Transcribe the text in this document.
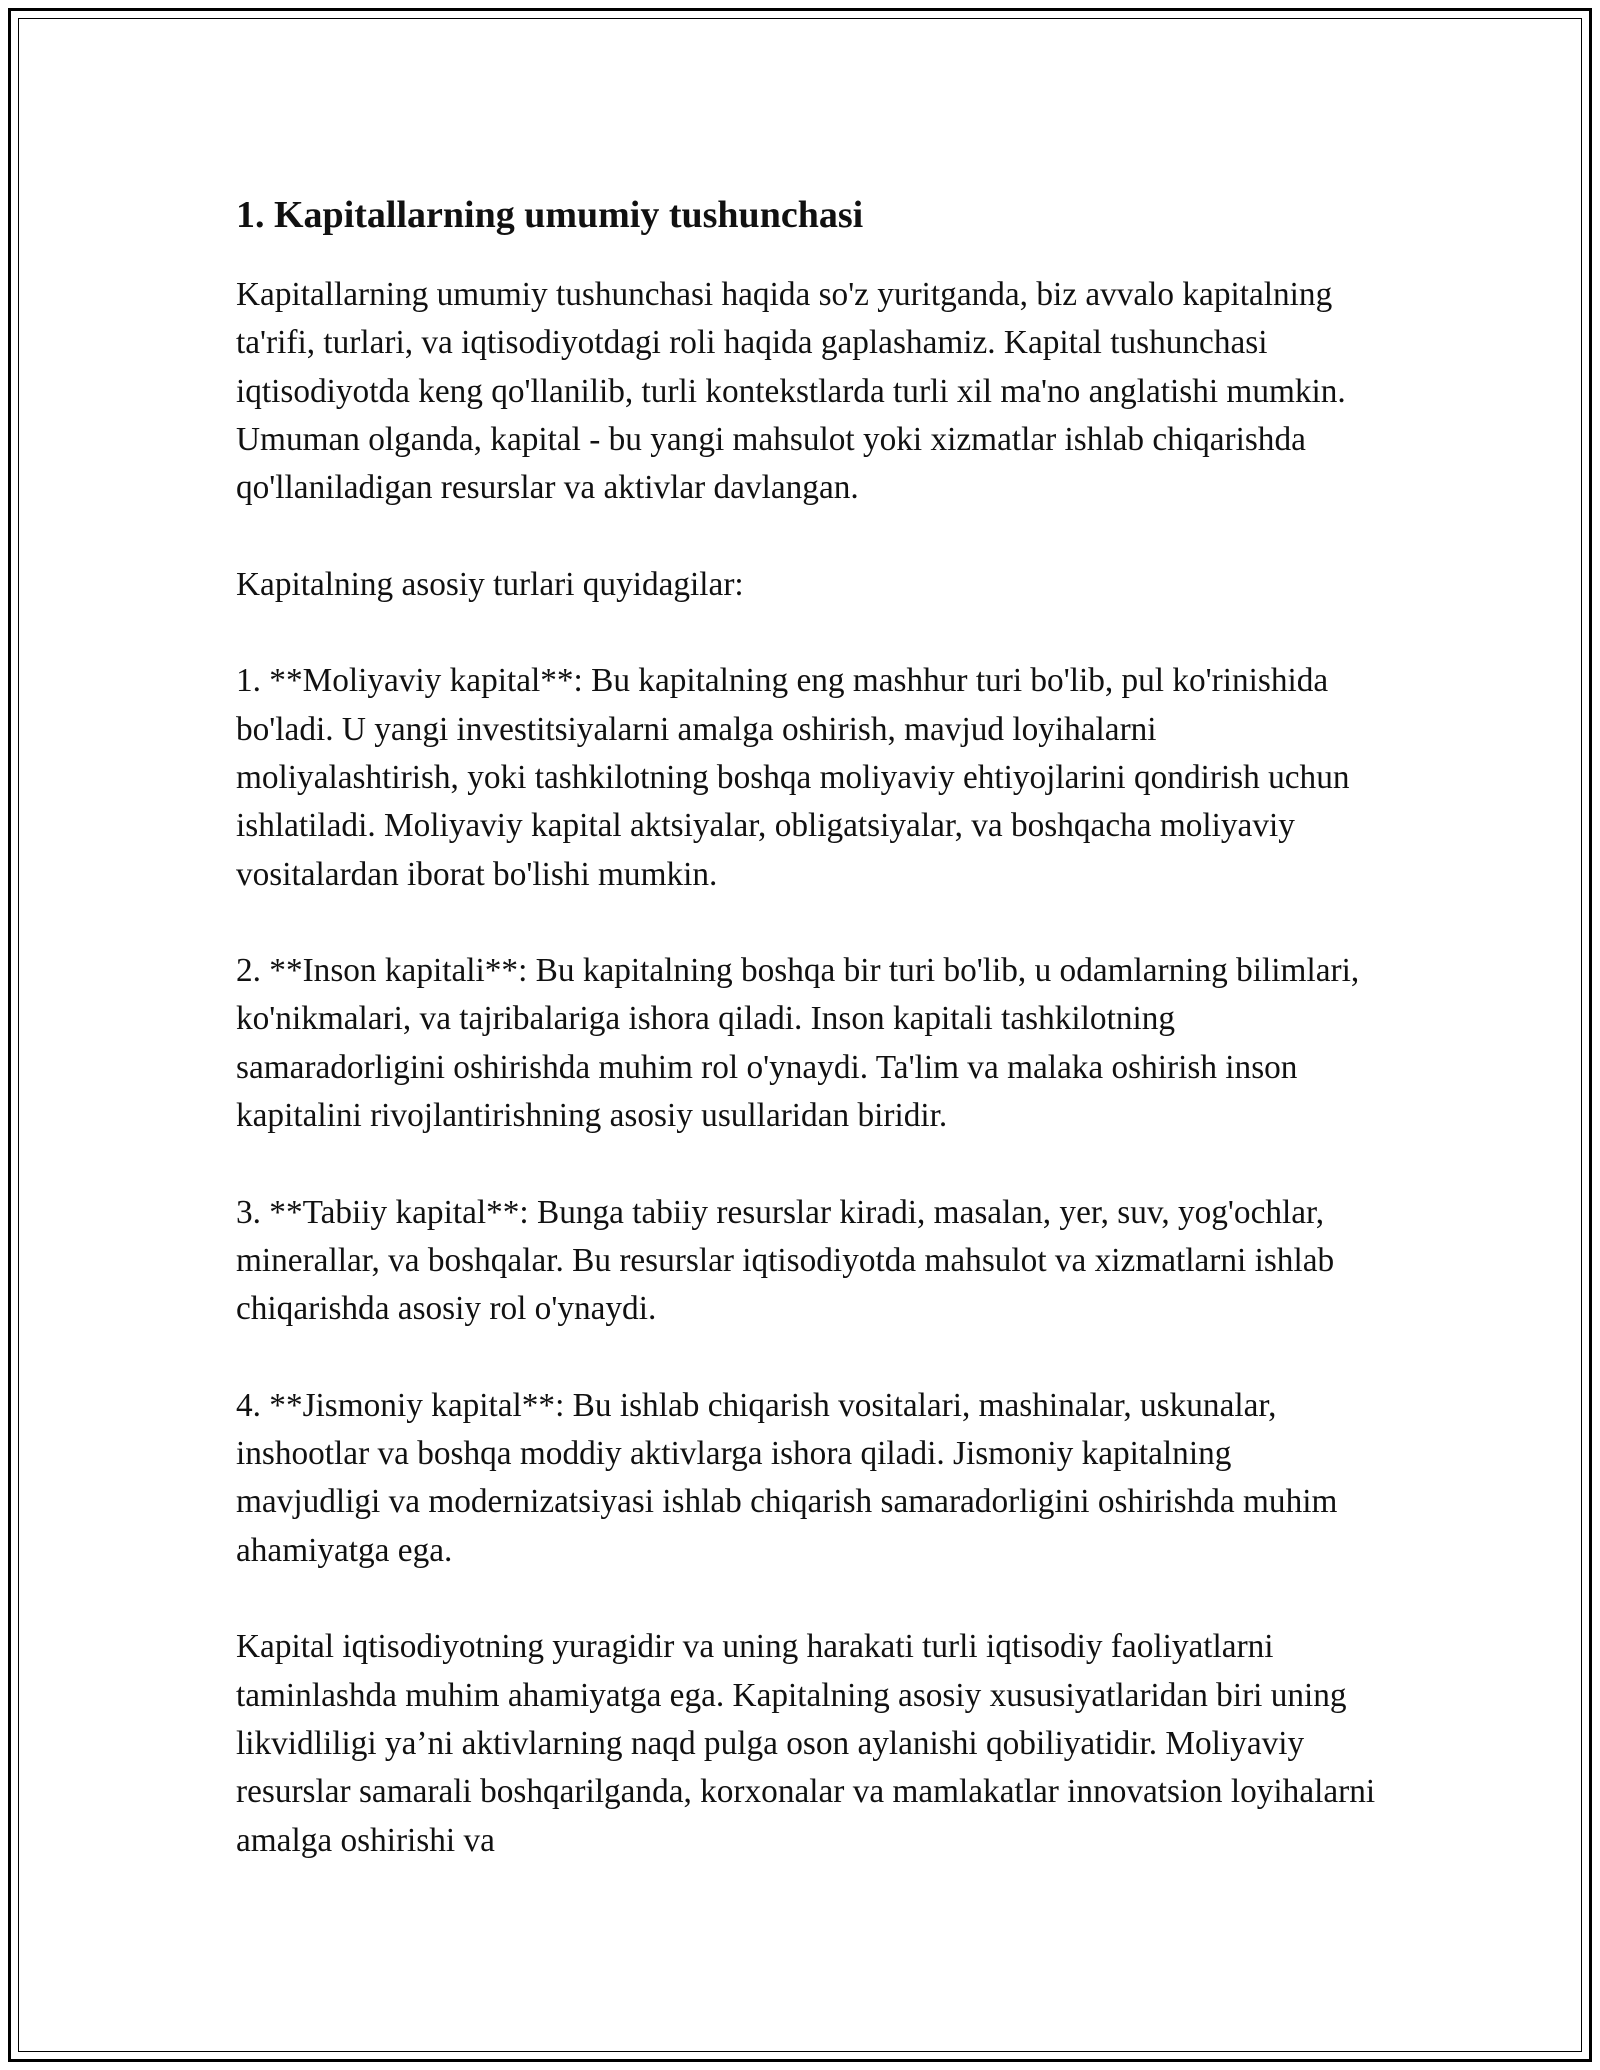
1. Kapitallarning umumiy tushunchasi
Kapitallarning umumiy tushunchasi haqida so'z yuritganda, biz avvalo kapitalning ta'rifi, turlari, va iqtisodiyotdagi roli haqida gaplashamiz. Kapital tushunchasi iqtisodiyotda keng qo'llanilib, turli kontekstlarda turli xil ma'no anglatishi mumkin. Umuman olganda, kapital - bu yangi mahsulot yoki xizmatlar ishlab chiqarishda qo'llaniladigan resurslar va aktivlar davlangan.
Kapitalning asosiy turlari quyidagilar:
1. **Moliyaviy kapital**: Bu kapitalning eng mashhur turi bo'lib, pul ko'rinishida bo'ladi. U yangi investitsiyalarni amalga oshirish, mavjud loyihalarni moliyalashtirish, yoki tashkilotning boshqa moliyaviy ehtiyojlarini qondirish uchun ishlatiladi. Moliyaviy kapital aktsiyalar, obligatsiyalar, va boshqacha moliyaviy vositalardan iborat bo'lishi mumkin.
2. **Inson kapitali**: Bu kapitalning boshqa bir turi bo'lib, u odamlarning bilimlari, ko'nikmalari, va tajribalariga ishora qiladi. Inson kapitali tashkilotning samaradorligini oshirishda muhim rol o'ynaydi. Ta'lim va malaka oshirish inson kapitalini rivojlantirishning asosiy usullaridan biridir.
3. **Tabiiy kapital**: Bunga tabiiy resurslar kiradi, masalan, yer, suv, yog'ochlar, minerallar, va boshqalar. Bu resurslar iqtisodiyotda mahsulot va xizmatlarni ishlab chiqarishda asosiy rol o'ynaydi.
4. **Jismoniy kapital**: Bu ishlab chiqarish vositalari, mashinalar, uskunalar, inshootlar va boshqa moddiy aktivlarga ishora qiladi. Jismoniy kapitalning mavjudligi va modernizatsiyasi ishlab chiqarish samaradorligini oshirishda muhim ahamiyatga ega.
Kapital iqtisodiyotning yuragidir va uning harakati turli iqtisodiy faoliyatlarni taminlashda muhim ahamiyatga ega. Kapitalning asosiy xususiyatlaridan biri uning likvidliligi ya’ni aktivlarning naqd pulga oson aylanishi qobiliyatidir. Moliyaviy resurslar samarali boshqarilganda, korxonalar va mamlakatlar innovatsion loyihalarni amalga oshirishi va
